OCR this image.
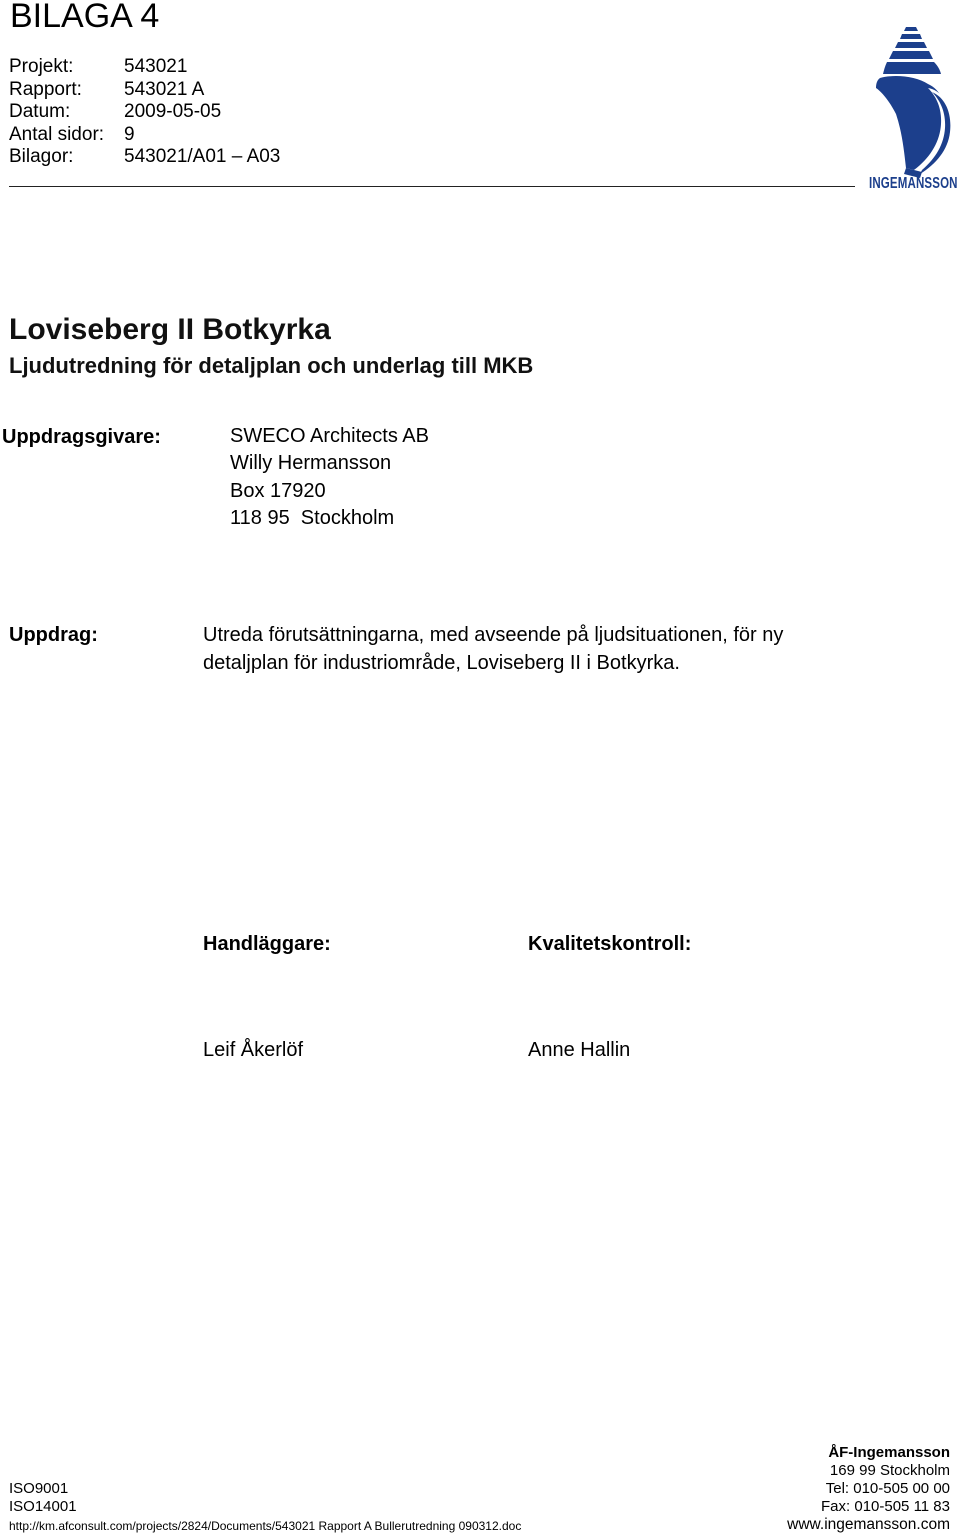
BILAGA 4
Projekt:	543021
Rapport:	543021 A
Datum:	2009-05-05
Antal sidor:	9
Bilagor:	543021/A01 – A03
INGEMANSSON
Loviseberg II Botkyrka
Ljudutredning för detaljplan och underlag till MKB
Uppdragsgivare:	SWECO Architects AB
Willy Hermansson
Box 17920
118 95  Stockholm
Uppdrag:	Utreda förutsättningarna, med avseende på ljudsituationen, för ny
detaljplan för industriområde, Loviseberg II i Botkyrka.
Handläggare:	Kvalitetskontroll:
Leif Åkerlöf	Anne Hallin
ISO9001
ISO14001
http://km.afconsult.com/projects/2824/Documents/543021 Rapport A Bullerutredning 090312.doc
ÅF-Ingemansson
169 99 Stockholm
Tel: 010-505 00 00
Fax: 010-505 11 83
www.ingemansson.com
